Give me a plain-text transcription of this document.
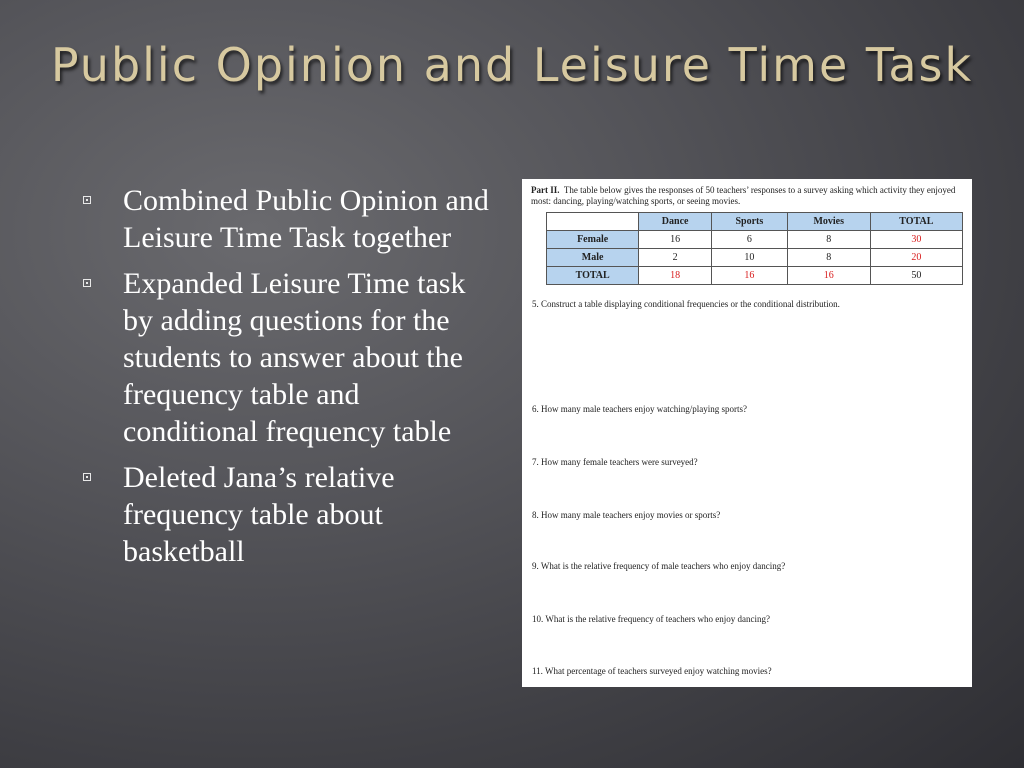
Public Opinion and Leisure Time Task
Combined Public Opinion and Leisure Time Task together
Expanded Leisure Time task by adding questions for the students to answer about the frequency table and conditional frequency table
Deleted Jana’s relative frequency table about basketball
Part II. The table below gives the responses of 50 teachers’ responses to a survey asking which activity they enjoyed most: dancing, playing/watching sports, or seeing movies.
	Dance	Sports	Movies	TOTAL
Female	16	6	8	30
Male	2	10	8	20
TOTAL	18	16	16	50
5. Construct a table displaying conditional frequencies or the conditional distribution.
6. How many male teachers enjoy watching/playing sports?
7. How many female teachers were surveyed?
8. How many male teachers enjoy movies or sports?
9. What is the relative frequency of male teachers who enjoy dancing?
10. What is the relative frequency of teachers who enjoy dancing?
11. What percentage of teachers surveyed enjoy watching movies?
